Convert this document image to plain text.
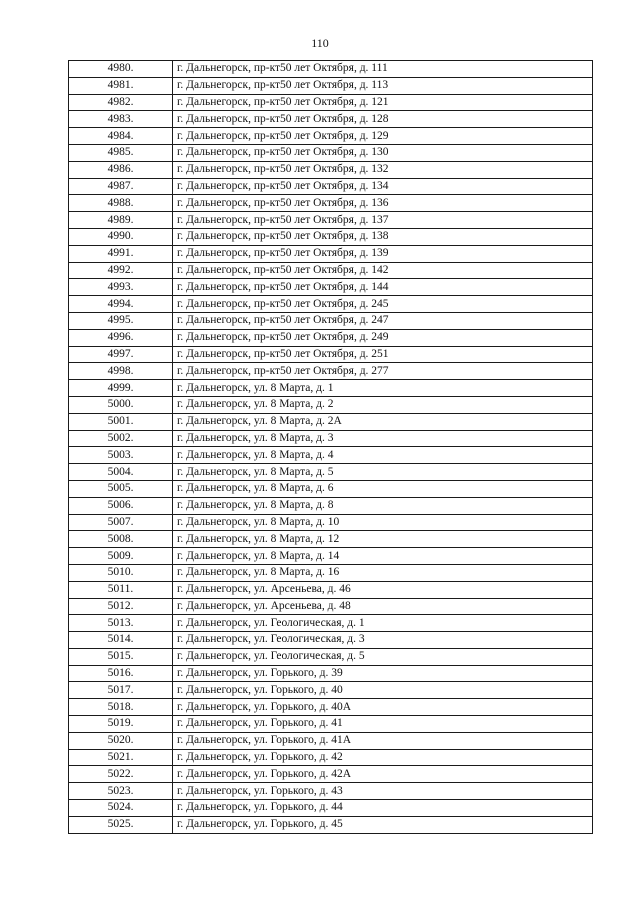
110
4980.	г. Дальнегорск, пр-кт50 лет Октября, д. 111
4981.	г. Дальнегорск, пр-кт50 лет Октября, д. 113
4982.	г. Дальнегорск, пр-кт50 лет Октября, д. 121
4983.	г. Дальнегорск, пр-кт50 лет Октября, д. 128
4984.	г. Дальнегорск, пр-кт50 лет Октября, д. 129
4985.	г. Дальнегорск, пр-кт50 лет Октября, д. 130
4986.	г. Дальнегорск, пр-кт50 лет Октября, д. 132
4987.	г. Дальнегорск, пр-кт50 лет Октября, д. 134
4988.	г. Дальнегорск, пр-кт50 лет Октября, д. 136
4989.	г. Дальнегорск, пр-кт50 лет Октября, д. 137
4990.	г. Дальнегорск, пр-кт50 лет Октября, д. 138
4991.	г. Дальнегорск, пр-кт50 лет Октября, д. 139
4992.	г. Дальнегорск, пр-кт50 лет Октября, д. 142
4993.	г. Дальнегорск, пр-кт50 лет Октября, д. 144
4994.	г. Дальнегорск, пр-кт50 лет Октября, д. 245
4995.	г. Дальнегорск, пр-кт50 лет Октября, д. 247
4996.	г. Дальнегорск, пр-кт50 лет Октября, д. 249
4997.	г. Дальнегорск, пр-кт50 лет Октября, д. 251
4998.	г. Дальнегорск, пр-кт50 лет Октября, д. 277
4999.	г. Дальнегорск, ул. 8 Марта, д. 1
5000.	г. Дальнегорск, ул. 8 Марта, д. 2
5001.	г. Дальнегорск, ул. 8 Марта, д. 2А
5002.	г. Дальнегорск, ул. 8 Марта, д. 3
5003.	г. Дальнегорск, ул. 8 Марта, д. 4
5004.	г. Дальнегорск, ул. 8 Марта, д. 5
5005.	г. Дальнегорск, ул. 8 Марта, д. 6
5006.	г. Дальнегорск, ул. 8 Марта, д. 8
5007.	г. Дальнегорск, ул. 8 Марта, д. 10
5008.	г. Дальнегорск, ул. 8 Марта, д. 12
5009.	г. Дальнегорск, ул. 8 Марта, д. 14
5010.	г. Дальнегорск, ул. 8 Марта, д. 16
5011.	г. Дальнегорск, ул. Арсеньева, д. 46
5012.	г. Дальнегорск, ул. Арсеньева, д. 48
5013.	г. Дальнегорск, ул. Геологическая, д. 1
5014.	г. Дальнегорск, ул. Геологическая, д. 3
5015.	г. Дальнегорск, ул. Геологическая, д. 5
5016.	г. Дальнегорск, ул. Горького, д. 39
5017.	г. Дальнегорск, ул. Горького, д. 40
5018.	г. Дальнегорск, ул. Горького, д. 40А
5019.	г. Дальнегорск, ул. Горького, д. 41
5020.	г. Дальнегорск, ул. Горького, д. 41А
5021.	г. Дальнегорск, ул. Горького, д. 42
5022.	г. Дальнегорск, ул. Горького, д. 42А
5023.	г. Дальнегорск, ул. Горького, д. 43
5024.	г. Дальнегорск, ул. Горького, д. 44
5025.	г. Дальнегорск, ул. Горького, д. 45
